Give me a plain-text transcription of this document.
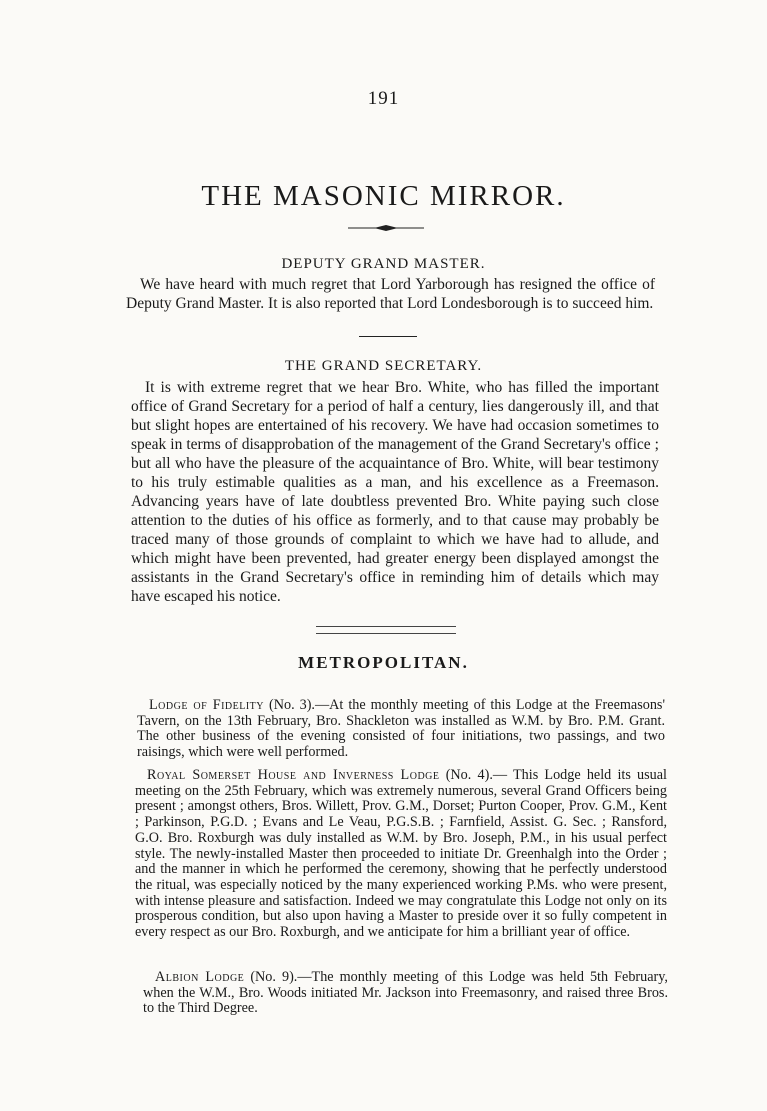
191
THE MASONIC MIRROR.
DEPUTY GRAND MASTER.

We have heard with much regret that Lord Yarborough has resigned the office of Deputy Grand Master. It is also reported that Lord Londesborough is to succeed him.

THE GRAND SECRETARY.

It is with extreme regret that we hear Bro. White, who has filled the important office of Grand Secretary for a period of half a century, lies dangerously ill, and that but slight hopes are entertained of his recovery. We have had occasion sometimes to speak in terms of disapprobation of the management of the Grand Secretary's office ; but all who have the pleasure of the acquaintance of Bro. White, will bear testimony to his truly estimable qualities as a man, and his excellence as a Freemason. Advancing years have of late doubtless prevented Bro. White paying such close attention to the duties of his office as formerly, and to that cause may probably be traced many of those grounds of complaint to which we have had to allude, and which might have been prevented, had greater energy been displayed amongst the assistants in the Grand Secretary's office in reminding him of details which may have escaped his notice.

METROPOLITAN.

Lodge of Fidelity (No. 3).—At the monthly meeting of this Lodge at the Freemasons' Tavern, on the 13th February, Bro. Shackleton was installed as W.M. by Bro. P.M. Grant. The other business of the evening consisted of four initiations, two passings, and two raisings, which were well performed.

Royal Somerset House and Inverness Lodge (No. 4).— This Lodge held its usual meeting on the 25th February, which was extremely numerous, several Grand Officers being present ; amongst others, Bros. Willett, Prov. G.M., Dorset; Purton Cooper, Prov. G.M., Kent ; Parkinson, P.G.D. ; Evans and Le Veau, P.G.S.B. ; Farnfield, Assist. G. Sec. ; Ransford, G.O. Bro. Roxburgh was duly installed as W.M. by Bro. Joseph, P.M., in his usual perfect style. The newly-installed Master then proceeded to initiate Dr. Greenhalgh into the Order ; and the manner in which he performed the ceremony, showing that he perfectly understood the ritual, was especially noticed by the many experienced working P.Ms. who were present, with intense pleasure and satisfaction. Indeed we may congratulate this Lodge not only on its prosperous condition, but also upon having a Master to preside over it so fully competent in every respect as our Bro. Roxburgh, and we anticipate for him a brilliant year of office.

Albion Lodge (No. 9).—The monthly meeting of this Lodge was held 5th February, when the W.M., Bro. Woods initiated Mr. Jackson into Freemasonry, and raised three Bros. to the Third Degree.
